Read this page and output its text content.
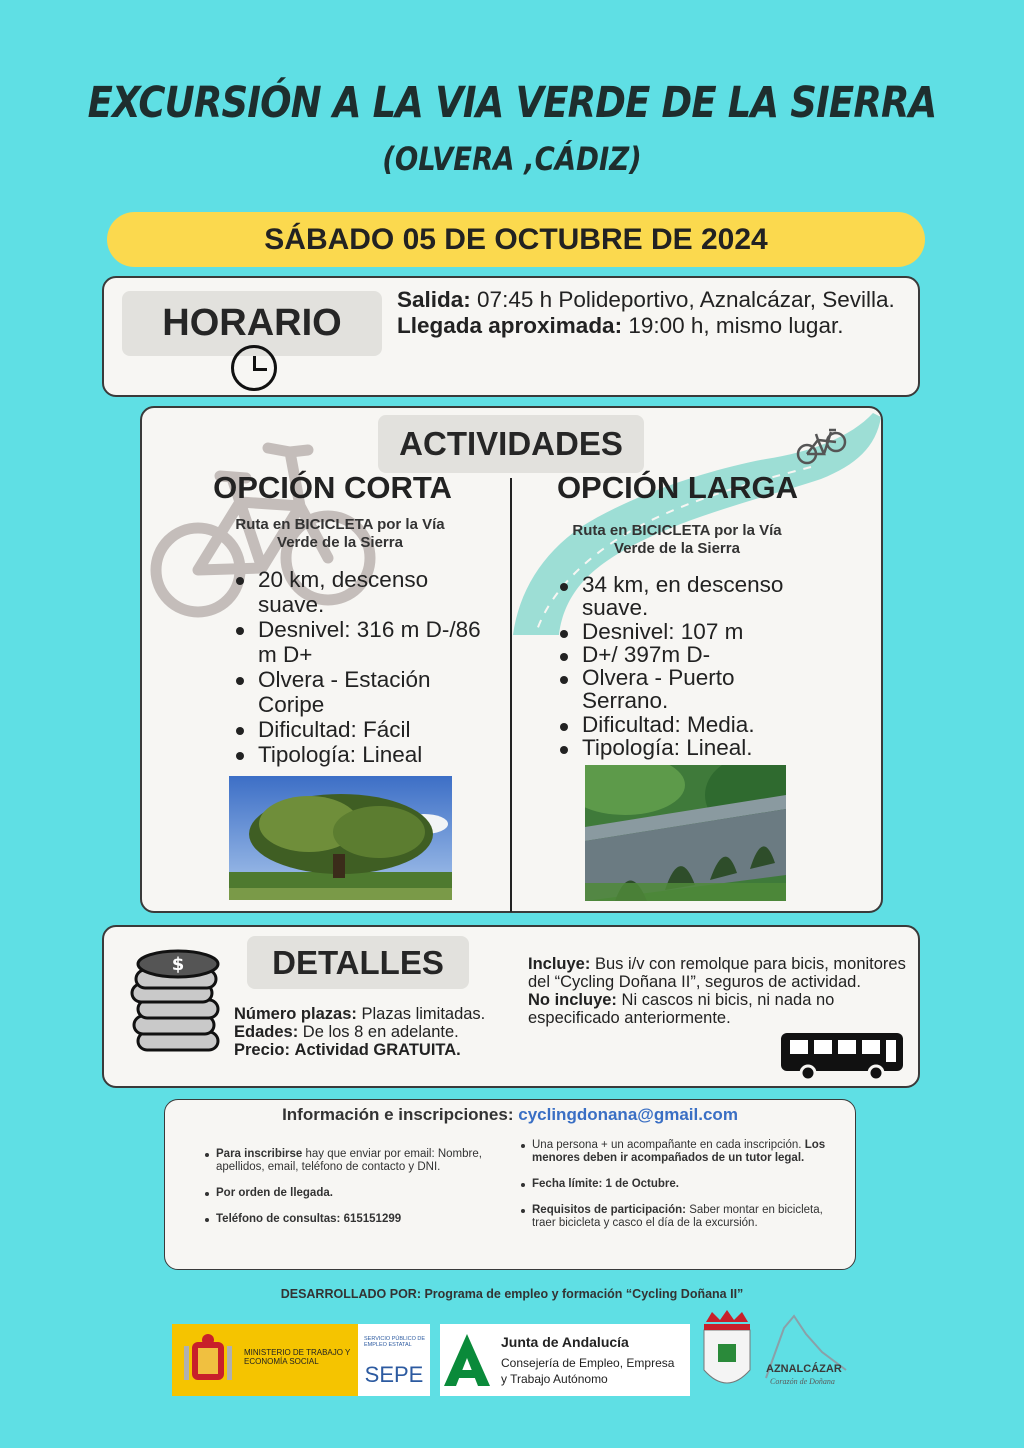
EXCURSIÓN A LA VIA VERDE DE LA SIERRA
(OLVERA ,CÁDIZ)
SÁBADO 05 DE OCTUBRE DE 2024
HORARIO
Salida: 07:45 h Polideportivo, Aznalcázar, Sevilla.
Llegada aproximada: 19:00 h, mismo lugar.
ACTIVIDADES
OPCIÓN CORTA
Ruta en BICICLETA por la Vía Verde de la Sierra
20 km, descenso suave.
Desnivel: 316 m D-/86 m D+
Olvera - Estación Coripe
Dificultad: Fácil
Tipología: Lineal
OPCIÓN LARGA
Ruta en BICICLETA por la Vía Verde de la Sierra
34 km, en descenso suave.
Desnivel: 107 m
D+/ 397m D-
Olvera - Puerto Serrano.
Dificultad: Media.
Tipología: Lineal.
$	DETALLES
Número plazas: Plazas limitadas.
Edades: De los 8 en adelante.
Precio: Actividad GRATUITA.
Incluye: Bus i/v con remolque para bicis, monitores del “Cycling Doñana II”, seguros de actividad.
No incluye: Ni cascos ni bicis, ni nada no especificado anteriormente.
Información e inscripciones: cyclingdonana@gmail.com
Para inscribirse hay que enviar por email: Nombre, apellidos, email, teléfono de contacto y DNI.
Por orden de llegada.
Teléfono de consultas: 615151299
Una persona + un acompañante en cada inscripción. Los menores deben ir acompañados de un tutor legal.
Fecha límite: 1 de Octubre.
Requisitos de participación: Saber montar en bicicleta, traer bicicleta y casco el día de la excursión.
DESARROLLADO POR: Programa de empleo y formación “Cycling Doñana II”
MINISTERIO DE TRABAJO Y ECONOMÍA SOCIAL
SERVICIO PÚBLICO DE EMPLEO ESTATAL
SEPE
Junta de Andalucía
Consejería de Empleo, Empresa
y Trabajo Autónomo
AZNALCÁZAR
Corazón de Doñana
